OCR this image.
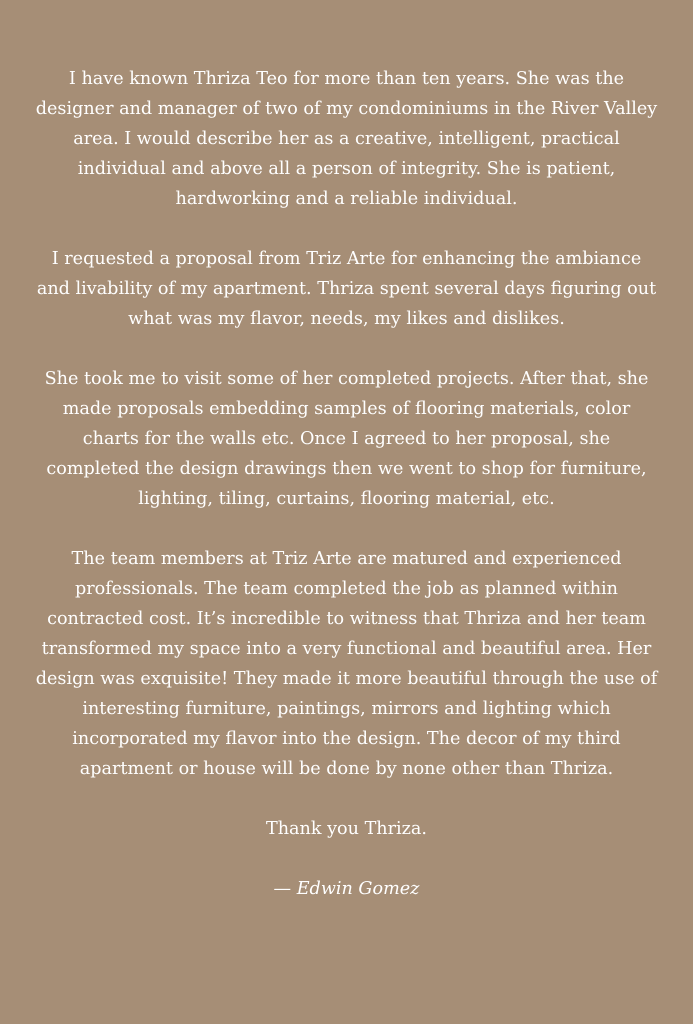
I have known Thriza Teo for more than ten years. She was the designer and manager of two of my condominiums in the River Valley area. I would describe her as a creative, intelligent, practical individual and above all a person of integrity. She is patient, hardworking and a reliable individual.

I requested a proposal from Triz Arte for enhancing the ambiance and livability of my apartment. Thriza spent several days figuring out what was my flavor, needs, my likes and dislikes.

She took me to visit some of her completed projects. After that, she made proposals embedding samples of flooring materials, color charts for the walls etc. Once I agreed to her proposal, she completed the design drawings then we went to shop for furniture, lighting, tiling, curtains, flooring material, etc.

The team members at Triz Arte are matured and experienced professionals. The team completed the job as planned within contracted cost. It’s incredible to witness that Thriza and her team transformed my space into a very functional and beautiful area. Her design was exquisite! They made it more beautiful through the use of interesting furniture, paintings, mirrors and lighting which incorporated my flavor into the design. The decor of my third apartment or house will be done by none other than Thriza.

Thank you Thriza.

— Edwin Gomez
